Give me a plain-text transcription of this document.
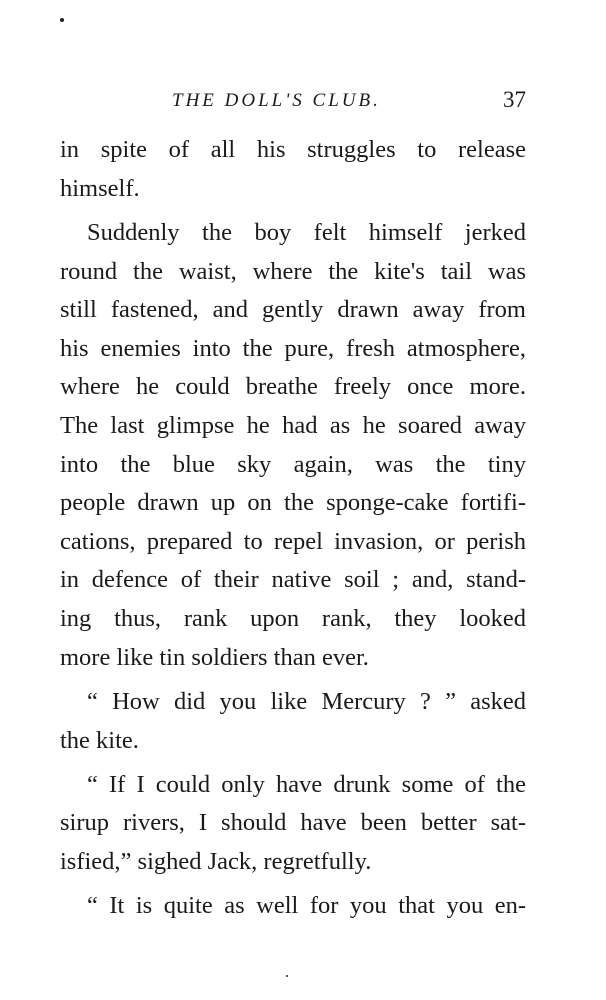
THE DOLL'S CLUB.	37
in spite of all his struggles to release
himself.
Suddenly the boy felt himself jerked
round the waist, where the kite's tail was
still fastened, and gently drawn away from
his enemies into the pure, fresh atmosphere,
where he could breathe freely once more.
The last glimpse he had as he soared away
into the blue sky again, was the tiny
people drawn up on the sponge-cake fortifi-
cations, prepared to repel invasion, or perish
in defence of their native soil ; and, stand-
ing thus, rank upon rank, they looked
more like tin soldiers than ever.
“ How did you like Mercury ? ” asked
the kite.
“ If I could only have drunk some of the
sirup rivers, I should have been better sat-
isfied,” sighed Jack, regretfully.
“ It is quite as well for you that you en-
